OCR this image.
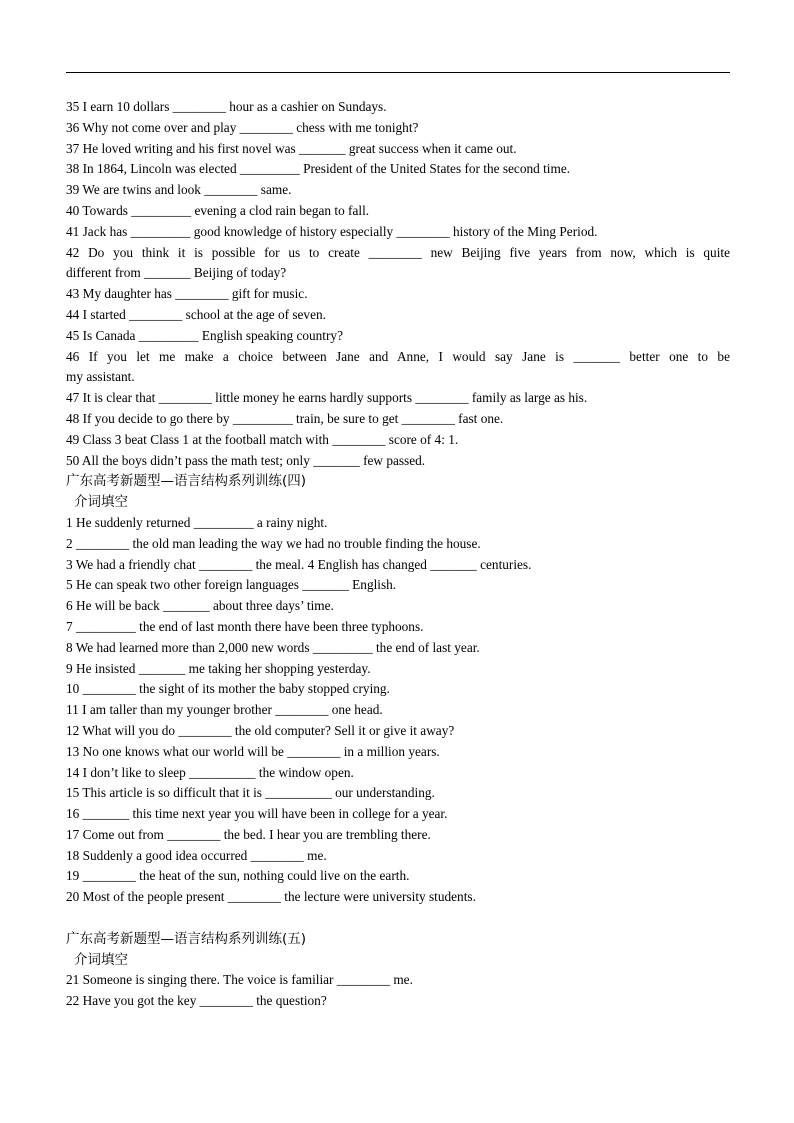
35 I earn 10 dollars ________ hour as a cashier on Sundays.
36 Why not come over and play ________ chess with me tonight?
37 He loved writing and his first novel was _______ great success when it came out.
38 In 1864, Lincoln was elected _________ President of the United States for the second time.
39 We are twins and look ________ same.
40 Towards _________ evening a clod rain began to fall.
41 Jack has _________ good knowledge of history especially ________ history of the Ming Period.
42 Do you think it is possible for us to create ________ new Beijing five years from now, which is quite
different from _______ Beijing of today?
43 My daughter has ________ gift for music.
44 I started ________ school at the age of seven.
45 Is Canada _________ English speaking country?
46 If you let me make a choice between Jane and Anne, I would say Jane is _______ better one to be
my assistant.
47 It is clear that ________ little money he earns hardly supports ________ family as large as his.
48 If you decide to go there by _________ train, be sure to get ________ fast one.
49 Class 3 beat Class 1 at the football match with ________ score of 4: 1.
50 All the boys didn’t pass the math test; only _______ few passed.
广东高考新题型—语言结构系列训练(四)
介词填空
1 He suddenly returned _________ a rainy night.
2 ________ the old man leading the way we had no trouble finding the house.
3 We had a friendly chat ________ the meal. 4 English has changed _______ centuries.
5 He can speak two other foreign languages _______ English.
6 He will be back _______ about three days’ time.
7 _________ the end of last month there have been three typhoons.
8 We had learned more than 2,000 new words _________ the end of last year.
9 He insisted _______ me taking her shopping yesterday.
10 ________ the sight of its mother the baby stopped crying.
11 I am taller than my younger brother ________ one head.
12 What will you do ________ the old computer? Sell it or give it away?
13 No one knows what our world will be ________ in a million years.
14 I don’t like to sleep __________ the window open.
15 This article is so difficult that it is __________ our understanding.
16 _______ this time next year you will have been in college for a year.
17 Come out from ________ the bed. I hear you are trembling there.
18 Suddenly a good idea occurred ________ me.
19 ________ the heat of the sun, nothing could live on the earth.
20 Most of the people present ________ the lecture were university students.
广东高考新题型—语言结构系列训练(五)
介词填空
21 Someone is singing there. The voice is familiar ________ me.
22 Have you got the key ________ the question?
